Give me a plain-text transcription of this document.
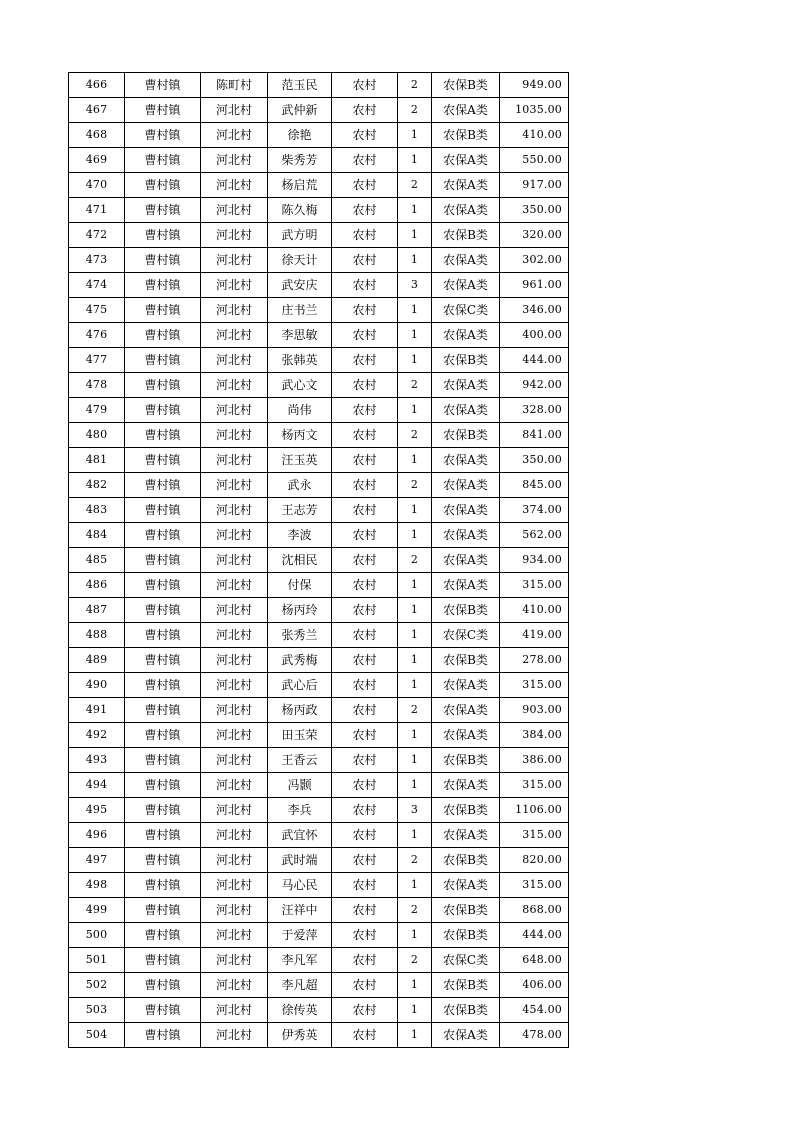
466	曹村镇	陈町村	范玉民	农村	2	农保B类	949.00
467	曹村镇	河北村	武仲新	农村	2	农保A类	1035.00
468	曹村镇	河北村	徐艳	农村	1	农保B类	410.00
469	曹村镇	河北村	柴秀芳	农村	1	农保A类	550.00
470	曹村镇	河北村	杨启荒	农村	2	农保A类	917.00
471	曹村镇	河北村	陈久梅	农村	1	农保A类	350.00
472	曹村镇	河北村	武方明	农村	1	农保B类	320.00
473	曹村镇	河北村	徐天计	农村	1	农保A类	302.00
474	曹村镇	河北村	武安庆	农村	3	农保A类	961.00
475	曹村镇	河北村	庄书兰	农村	1	农保C类	346.00
476	曹村镇	河北村	李思敏	农村	1	农保A类	400.00
477	曹村镇	河北村	张韩英	农村	1	农保B类	444.00
478	曹村镇	河北村	武心文	农村	2	农保A类	942.00
479	曹村镇	河北村	尚伟	农村	1	农保A类	328.00
480	曹村镇	河北村	杨丙文	农村	2	农保B类	841.00
481	曹村镇	河北村	汪玉英	农村	1	农保A类	350.00
482	曹村镇	河北村	武永	农村	2	农保A类	845.00
483	曹村镇	河北村	王志芳	农村	1	农保A类	374.00
484	曹村镇	河北村	李波	农村	1	农保A类	562.00
485	曹村镇	河北村	沈相民	农村	2	农保A类	934.00
486	曹村镇	河北村	付保	农村	1	农保A类	315.00
487	曹村镇	河北村	杨丙玲	农村	1	农保B类	410.00
488	曹村镇	河北村	张秀兰	农村	1	农保C类	419.00
489	曹村镇	河北村	武秀梅	农村	1	农保B类	278.00
490	曹村镇	河北村	武心后	农村	1	农保A类	315.00
491	曹村镇	河北村	杨丙政	农村	2	农保A类	903.00
492	曹村镇	河北村	田玉荣	农村	1	农保A类	384.00
493	曹村镇	河北村	王香云	农村	1	农保B类	386.00
494	曹村镇	河北村	冯颢	农村	1	农保A类	315.00
495	曹村镇	河北村	李兵	农村	3	农保B类	1106.00
496	曹村镇	河北村	武宜怀	农村	1	农保A类	315.00
497	曹村镇	河北村	武时端	农村	2	农保B类	820.00
498	曹村镇	河北村	马心民	农村	1	农保A类	315.00
499	曹村镇	河北村	汪祥中	农村	2	农保B类	868.00
500	曹村镇	河北村	于爱萍	农村	1	农保B类	444.00
501	曹村镇	河北村	李凡军	农村	2	农保C类	648.00
502	曹村镇	河北村	李凡超	农村	1	农保B类	406.00
503	曹村镇	河北村	徐传英	农村	1	农保B类	454.00
504	曹村镇	河北村	伊秀英	农村	1	农保A类	478.00
